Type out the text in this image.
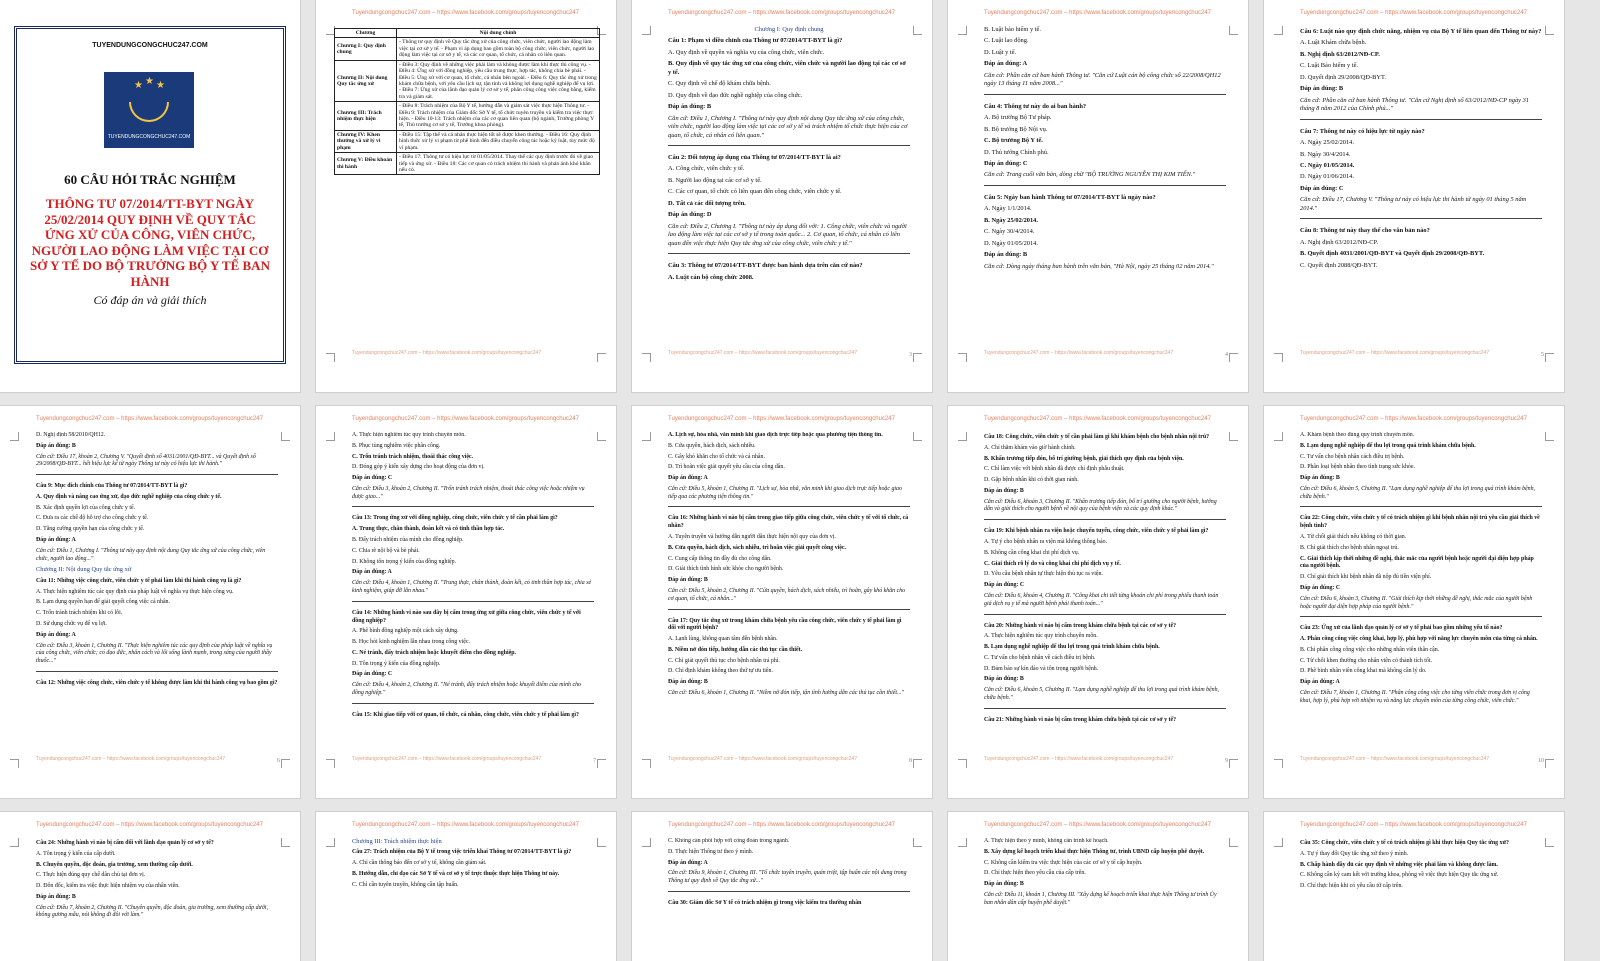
TUYENDUNGCONGCHUC247.COM
★ ★ ★
TUYENDUNGCONGCHUC247.COM
60 CÂU HỎI TRẮC NGHIỆM
THÔNG TƯ 07/2014/TT-BYT NGÀY 25/02/2014 QUY ĐỊNH VỀ QUY TẮC ỨNG XỬ CỦA CÔNG, VIÊN CHỨC, NGƯỜI LAO ĐỘNG LÀM VIỆC TẠI CƠ SỞ Y TẾ DO BỘ TRƯỞNG BỘ Y TẾ BAN HÀNH
Có đáp án và giải thích
Tuyendungcongchuc247.com – https://www.facebook.com/groups/tuyencongchuc247
Chương	Nội dung chính
Chương I: Quy định chung	- Thông tư quy định về Quy tắc ứng xử của công chức, viên chức, người lao động làm việc tại cơ sở y tế. - Phạm vi áp dụng bao gồm toàn bộ công chức, viên chức, người lao động làm việc tại cơ sở y tế, và các cơ quan, tổ chức, cá nhân có liên quan.
Chương II: Nội dung Quy tắc ứng xử	- Điều 3: Quy định về những việc phải làm và không được làm khi thực thi công vụ. - Điều 4: Ứng xử với đồng nghiệp, yêu cầu trung thực, hợp tác, không chia bè phái. - Điều 5: Ứng xử với cơ quan, tổ chức, cá nhân bên ngoài. - Điều 6: Quy tắc ứng xử trong khám chữa bệnh, với yêu cầu lịch sự, tận tình và không lợi dụng nghề nghiệp để vụ lợi. - Điều 7: Ứng xử của lãnh đạo quản lý cơ sở y tế, phân công công việc công bằng, kiểm tra và giám sát.
Chương III: Trách nhiệm thực hiện	- Điều 8: Trách nhiệm của Bộ Y tế, hướng dẫn và giám sát việc thực hiện Thông tư. - Điều 9: Trách nhiệm của Giám đốc Sở Y tế, tổ chức tuyên truyền và kiểm tra việc thực hiện. - Điều 10-13: Trách nhiệm của các cơ quan liên quan (bộ ngành, Trường phòng Y tế, Thủ trưởng cơ sở y tế, Trưởng khoa phòng).
Chương IV: Khen thưởng và xử lý vi phạm	- Điều 15: Tập thể và cá nhân thực hiện tốt sẽ được khen thưởng. - Điều 16: Quy định hình thức xử lý vi phạm từ phê bình đến điều chuyển công tác hoặc kỷ luật, tùy mức độ vi phạm.
Chương V: Điều khoản thi hành	- Điều 17: Thông tư có hiệu lực từ 01/05/2014. Thay thế các quy định trước đó về giao tiếp và ứng xử. - Điều 18: Các cơ quan có trách nhiệm thi hành và phản ánh khó khăn nếu có.
Tuyendungcongchuc247.com – https://www.facebook.com/groups/tuyencongchuc247
Tuyendungcongchuc247.com – https://www.facebook.com/groups/tuyencongchuc247

Chương I: Quy định chung

Câu 1: Phạm vi điều chỉnh của Thông tư 07/2014/TT-BYT là gì?

A. Quy định về quyền và nghĩa vụ của công chức, viên chức.

B. Quy định về quy tắc ứng xử của công chức, viên chức và người lao động tại các cơ sở y tế.

C. Quy định về chế độ khám chữa bệnh.

D. Quy định về đạo đức nghề nghiệp của công chức.

Đáp án đúng: B

Căn cứ: Điều 1, Chương I. "Thông tư này quy định nội dung Quy tắc ứng xử của công chức, viên chức, người lao động làm việc tại các cơ sở y tế và trách nhiệm tổ chức thực hiện của cơ quan, tổ chức, cá nhân có liên quan."

Câu 2: Đối tượng áp dụng của Thông tư 07/2014/TT-BYT là ai?

A. Công chức, viên chức y tế.

B. Người lao động tại các cơ sở y tế.

C. Các cơ quan, tổ chức có liên quan đến công chức, viên chức y tế.

D. Tất cả các đối tượng trên.

Đáp án đúng: D

Căn cứ: Điều 2, Chương I. "Thông tư này áp dụng đối với: 1. Công chức, viên chức và người lao động làm việc tại các cơ sở y tế trong toàn quốc... 2. Cơ quan, tổ chức, cá nhân có liên quan đến việc thực hiện Quy tắc ứng xử của công chức, viên chức y tế."

Câu 3: Thông tư 07/2014/TT-BYT được ban hành dựa trên căn cứ nào?

A. Luật cán bộ công chức 2008.

Tuyendungcongchuc247.com – https://www.facebook.com/groups/tuyencongchuc247	3
Tuyendungcongchuc247.com – https://www.facebook.com/groups/tuyencongchuc247

B. Luật bảo hiểm y tế.

C. Luật lao động.

D. Luật y tế.

Đáp án đúng: A

Căn cứ: Phần căn cứ ban hành Thông tư. "Căn cứ Luật cán bộ công chức số 22/2008/QH12 ngày 13 tháng 11 năm 2008..."

Câu 4: Thông tư này do ai ban hành?

A. Bộ trưởng Bộ Tư pháp.

B. Bộ trưởng Bộ Nội vụ.

C. Bộ trưởng Bộ Y tế.

D. Thủ tướng Chính phủ.

Đáp án đúng: C

Căn cứ: Trang cuối văn bản, dòng chữ "BỘ TRƯỞNG NGUYỄN THỊ KIM TIẾN."

Câu 5: Ngày ban hành Thông tư 07/2014/TT-BYT là ngày nào?

A. Ngày 1/1/2014.

B. Ngày 25/02/2014.

C. Ngày 30/4/2014.

D. Ngày 01/05/2014.

Đáp án đúng: B

Căn cứ: Dòng ngày tháng ban hành trên văn bản, "Hà Nội, ngày 25 tháng 02 năm 2014."

Tuyendungcongchuc247.com – https://www.facebook.com/groups/tuyencongchuc247	4
Tuyendungcongchuc247.com – https://www.facebook.com/groups/tuyencongchuc247

Câu 6: Luật nào quy định chức năng, nhiệm vụ của Bộ Y tế liên quan đến Thông tư này?

A. Luật Khám chữa bệnh.

B. Nghị định 63/2012/NĐ-CP.

C. Luật Bảo hiểm y tế.

D. Quyết định 29/2008/QĐ-BYT.

Đáp án đúng: B

Căn cứ: Phần căn cứ ban hành Thông tư. "Căn cứ Nghị định số 63/2012/NĐ-CP ngày 31 tháng 8 năm 2012 của Chính phủ..."

Câu 7: Thông tư này có hiệu lực từ ngày nào?

A. Ngày 25/02/2014.

B. Ngày 30/4/2014.

C. Ngày 01/05/2014.

D. Ngày 01/06/2014.

Đáp án đúng: C

Căn cứ: Điều 17, Chương V. "Thông tư này có hiệu lực thi hành từ ngày 01 tháng 5 năm 2014."

Câu 8: Thông tư này thay thế cho văn bản nào?

A. Nghị định 63/2012/NĐ-CP.

B. Quyết định 4031/2001/QĐ-BYT và Quyết định 29/2008/QĐ-BYT.

C. Quyết định 2088/QĐ-BYT.

Tuyendungcongchuc247.com – https://www.facebook.com/groups/tuyencongchuc247	5
Tuyendungcongchuc247.com – https://www.facebook.com/groups/tuyencongchuc247

D. Nghị định 58/2010/QH12.

Đáp án đúng: B

Căn cứ: Điều 17, khoản 2, Chương V. "Quyết định số 4031/2001/QĐ-BYT... và Quyết định số 29/2008/QĐ-BYT... hết hiệu lực kể từ ngày Thông tư này có hiệu lực thi hành."

Câu 9: Mục đích chính của Thông tư 07/2014/TT-BYT là gì?

A. Quy định và nâng cao ứng xử, đạo đức nghề nghiệp của công chức y tế.

B. Xác định quyền lợi của công chức y tế.

C. Đưa ra các chế độ hỗ trợ cho công chức y tế.

D. Tăng cường quyền hạn của công chức y tế.

Đáp án đúng: A

Căn cứ: Điều 1, Chương I. "Thông tư này quy định nội dung Quy tắc ứng xử của công chức, viên chức, người lao động..."

Chương II: Nội dung Quy tắc ứng xử

Câu 11: Những việc công chức, viên chức y tế phải làm khi thi hành công vụ là gì?

A. Thực hiện nghiêm túc các quy định của pháp luật về nghĩa vụ thực hiện công vụ.

B. Lạm dụng quyền hạn để giải quyết công việc cá nhân.

C. Trốn tránh trách nhiệm khi có lỗi.

D. Sử dụng chức vụ để vụ lợi.

Đáp án đúng: A

Căn cứ: Điều 3, khoản 1, Chương II. "Thực hiện nghiêm túc các quy định của pháp luật về nghĩa vụ của công chức, viên chức; có đạo đức, nhân cách và lối sống lành mạnh, trong sáng của người thầy thuốc..."

Câu 12: Những việc công chức, viên chức y tế không được làm khi thi hành công vụ bao gồm gì?

Tuyendungcongchuc247.com – https://www.facebook.com/groups/tuyencongchuc247	6
Tuyendungcongchuc247.com – https://www.facebook.com/groups/tuyencongchuc247

A. Thực hiện nghiêm túc quy trình chuyên môn.

B. Phục tùng nghiêm việc phân công.

C. Trốn tránh trách nhiệm, thoái thác công việc.

D. Đóng góp ý kiến xây dựng cho hoạt động của đơn vị.

Đáp án đúng: C

Căn cứ: Điều 3, khoản 2, Chương II. "Trốn tránh trách nhiệm, thoái thác công việc hoặc nhiệm vụ được giao..."

Câu 13: Trong ứng xử với đồng nghiệp, công chức, viên chức y tế cần phải làm gì?

A. Trung thực, chân thành, đoàn kết và có tinh thần hợp tác.

B. Đẩy trách nhiệm của mình cho đồng nghiệp.

C. Chia rẽ nội bộ và bè phái.

D. Không tôn trọng ý kiến của đồng nghiệp.

Đáp án đúng: A

Căn cứ: Điều 4, khoản 1, Chương II. "Trung thực, chân thành, đoàn kết, có tinh thần hợp tác, chia sẻ kinh nghiệm, giúp đỡ lẫn nhau."

Câu 14: Những hành vi nào sau đây bị cấm trong ứng xử giữa công chức, viên chức y tế với đồng nghiệp?

A. Phê bình đồng nghiệp một cách xây dựng.

B. Học hỏi kinh nghiệm lẫn nhau trong công việc.

C. Né tránh, đẩy trách nhiệm hoặc khuyết điểm cho đồng nghiệp.

D. Tôn trọng ý kiến của đồng nghiệp.

Đáp án đúng: C

Căn cứ: Điều 4, khoản 2, Chương II. "Né tránh, đẩy trách nhiệm hoặc khuyết điểm của mình cho đồng nghiệp."

Câu 15: Khi giao tiếp với cơ quan, tổ chức, cá nhân, công chức, viên chức y tế phải làm gì?

Tuyendungcongchuc247.com – https://www.facebook.com/groups/tuyencongchuc247	7
Tuyendungcongchuc247.com – https://www.facebook.com/groups/tuyencongchuc247

A. Lịch sự, hòa nhã, văn minh khi giao dịch trực tiếp hoặc qua phương tiện thông tin.

B. Cửa quyền, hách dịch, sách nhiễu.

C. Gây khó khăn cho tổ chức và cá nhân.

D. Trì hoãn việc giải quyết yêu cầu của công dân.

Đáp án đúng: A

Căn cứ: Điều 5, khoản 1, Chương II. "Lịch sự, hòa nhã, văn minh khi giao dịch trực tiếp hoặc giao tiếp qua các phương tiện thông tin."

Câu 16: Những hành vi nào bị cấm trong giao tiếp giữa công chức, viên chức y tế với tổ chức, cá nhân?

A. Tuyên truyền và hướng dẫn người dân thực hiện nội quy của đơn vị.

B. Cửa quyền, hách dịch, sách nhiễu, trì hoãn việc giải quyết công việc.

C. Cung cấp thông tin đầy đủ cho công dân.

D. Giải thích tình hình sức khỏe cho người bệnh.

Đáp án đúng: B

Căn cứ: Điều 5, khoản 2, Chương II. "Cửa quyền, hách dịch, sách nhiễu, trì hoãn, gây khó khăn cho cơ quan, tổ chức, cá nhân..."

Câu 17: Quy tắc ứng xử trong khám chữa bệnh yêu cầu công chức, viên chức y tế phải làm gì đối với người bệnh?

A. Lạnh lùng, không quan tâm đến bệnh nhân.

B. Niềm nở đón tiếp, hướng dẫn các thủ tục cần thiết.

C. Chỉ giải quyết thủ tục cho bệnh nhân trả phí.

D. Chỉ định khám không theo thứ tự ưu tiên.

Đáp án đúng: B

Căn cứ: Điều 6, khoản 1, Chương II. "Niềm nở đón tiếp, tận tình hướng dẫn các thủ tục cần thiết..."

Tuyendungcongchuc247.com – https://www.facebook.com/groups/tuyencongchuc247	8
Tuyendungcongchuc247.com – https://www.facebook.com/groups/tuyencongchuc247

Câu 18: Công chức, viên chức y tế cần phải làm gì khi khám bệnh cho bệnh nhân nội trú?

A. Chỉ thăm khám vào giờ hành chính.

B. Khẩn trương tiếp đón, bố trí giường bệnh, giải thích quy định của bệnh viện.

C. Chỉ làm việc với bệnh nhân đã được chỉ định phẫu thuật.

D. Gặp bệnh nhân khi có thời gian rảnh.

Đáp án đúng: B

Căn cứ: Điều 6, khoản 3, Chương II. "Khẩn trương tiếp đón, bố trí giường cho người bệnh, hướng dẫn và giải thích cho người bệnh về nội quy của bệnh viện và các quy định khác."

Câu 19: Khi bệnh nhân ra viện hoặc chuyển tuyến, công chức, viên chức y tế phải làm gì?

A. Tự ý cho bệnh nhân ra viện mà không thông báo.

B. Không cần công khai chi phí dịch vụ.

C. Giải thích rõ lý do và công khai chi phí dịch vụ y tế.

D. Yêu cầu bệnh nhân tự thực hiện thủ tục ra viện.

Đáp án đúng: C

Căn cứ: Điều 6, khoản 4, Chương II. "Công khai chi tiết từng khoản chi phí trong phiếu thanh toán giá dịch vụ y tế mà người bệnh phải thanh toán..."

Câu 20: Những hành vi nào bị cấm trong khám chữa bệnh tại các cơ sở y tế?

A. Thực hiện nghiêm túc quy trình chuyên môn.

B. Lạm dụng nghề nghiệp để thu lợi trong quá trình khám chữa bệnh.

C. Tư vấn cho bệnh nhân về cách điều trị bệnh.

D. Đảm bảo sự kín đáo và tôn trọng người bệnh.

Đáp án đúng: B

Căn cứ: Điều 6, khoản 5, Chương II. "Lạm dụng nghề nghiệp để thu lợi trong quá trình khám bệnh, chữa bệnh."

Câu 21: Những hành vi nào bị cấm trong khám chữa bệnh tại các cơ sở y tế?

Tuyendungcongchuc247.com – https://www.facebook.com/groups/tuyencongchuc247	9
Tuyendungcongchuc247.com – https://www.facebook.com/groups/tuyencongchuc247

A. Khám bệnh theo đúng quy trình chuyên môn.

B. Lạm dụng nghề nghiệp để thu lợi trong quá trình khám chữa bệnh.

C. Tư vấn cho bệnh nhân cách điều trị bệnh.

D. Phân loại bệnh nhân theo tình trạng sức khỏe.

Đáp án đúng: B

Căn cứ: Điều 6, khoản 5, Chương II. "Lạm dụng nghề nghiệp để thu lợi trong quá trình khám bệnh, chữa bệnh."

Câu 22: Công chức, viên chức y tế có trách nhiệm gì khi bệnh nhân nội trú yêu cầu giải thích về bệnh tình?

A. Từ chối giải thích nếu không có thời gian.

B. Chỉ giải thích cho bệnh nhân ngoại trú.

C. Giải thích kịp thời những đề nghị, thắc mắc của người bệnh hoặc người đại diện hợp pháp của người bệnh.

D. Chỉ giải thích khi bệnh nhân đã nộp đủ tiền viện phí.

Đáp án đúng: C

Căn cứ: Điều 6, khoản 3, Chương II. "Giải thích kịp thời những đề nghị, thắc mắc của người bệnh hoặc người đại diện hợp pháp của người bệnh."

Câu 23: Ứng xử của lãnh đạo quản lý cơ sở y tế phải bao gồm những yếu tố nào?

A. Phân công công việc công khai, hợp lý, phù hợp với năng lực chuyên môn của từng cá nhân.

B. Chỉ phân công công việc cho những nhân viên thân cận.

C. Từ chối khen thưởng cho nhân viên có thành tích tốt.

D. Phê bình nhân viên công khai mà không cần lý do.

Đáp án đúng: A

Căn cứ: Điều 7, khoản 1, Chương II. "Phân công công việc cho từng viên chức trong đơn vị công khai, hợp lý, phù hợp với nhiệm vụ và năng lực chuyên môn của từng công chức, viên chức."

Tuyendungcongchuc247.com – https://www.facebook.com/groups/tuyencongchuc247	10
Tuyendungcongchuc247.com – https://www.facebook.com/groups/tuyencongchuc247

Câu 24: Những hành vi nào bị cấm đối với lãnh đạo quản lý cơ sở y tế?

A. Tôn trọng ý kiến của cấp dưới.

B. Chuyên quyền, độc đoán, gia trưởng, xem thường cấp dưới.

C. Thực hiện đúng quy chế dân chủ tại đơn vị.

D. Đôn đốc, kiểm tra việc thực hiện nhiệm vụ của nhân viên.

Đáp án đúng: B

Căn cứ: Điều 7, khoản 2, Chương II. "Chuyên quyền, độc đoán, gia trưởng, xem thường cấp dưới, không gương mẫu, nói không đi đôi với làm."

Tuyendungcongchuc247.com – https://www.facebook.com/groups/tuyencongchuc247

Chương III: Trách nhiệm thực hiện

Câu 27: Trách nhiệm của Bộ Y tế trong việc triển khai Thông tư 07/2014/TT-BYT là gì?

A. Chỉ cần thông báo đến cơ sở y tế, không cần giám sát.

B. Hướng dẫn, chỉ đạo các Sở Y tế và cơ sở y tế trực thuộc thực hiện Thông tư này.

C. Chỉ cần tuyên truyền, không cần tập huấn.

Tuyendungcongchuc247.com – https://www.facebook.com/groups/tuyencongchuc247

C. Không cần phối hợp với công đoàn trong ngành.

D. Thực hiện Thông tư theo ý mình.

Đáp án đúng: A

Căn cứ: Điều 9, khoản 1, Chương III. "Tổ chức tuyên truyền, quán triệt, tập huấn các nội dung trong Thông tư quy định về Quy tắc ứng xử..."

Câu 30: Giám đốc Sở Y tế có trách nhiệm gì trong việc kiểm tra thường nhân

Tuyendungcongchuc247.com – https://www.facebook.com/groups/tuyencongchuc247

A. Thực hiện theo ý mình, không cần trình kế hoạch.

B. Xây dựng kế hoạch triển khai thực hiện Thông tư, trình UBND cấp huyện phê duyệt.

C. Không cần kiểm tra việc thực hiện của các cơ sở y tế cấp huyện.

D. Chỉ thực hiện theo yêu cầu của cấp trên.

Đáp án đúng: B

Căn cứ: Điều 11, khoản 1, Chương III. "Xây dựng kế hoạch triển khai thực hiện Thông tư trình Ủy ban nhân dân cấp huyện phê duyệt."

Tuyendungcongchuc247.com – https://www.facebook.com/groups/tuyencongchuc247

Câu 35: Công chức, viên chức y tế có trách nhiệm gì khi thực hiện Quy tắc ứng xử?

A. Tự ý thay đổi Quy tắc ứng xử theo ý mình.

B. Chấp hành đầy đủ các quy định về những việc phải làm và không được làm.

C. Không cần ký cam kết với trưởng khoa, phòng về việc thực hiện Quy tắc ứng xử.

D. Chỉ thực hiện khi có yêu cầu từ cấp trên.
